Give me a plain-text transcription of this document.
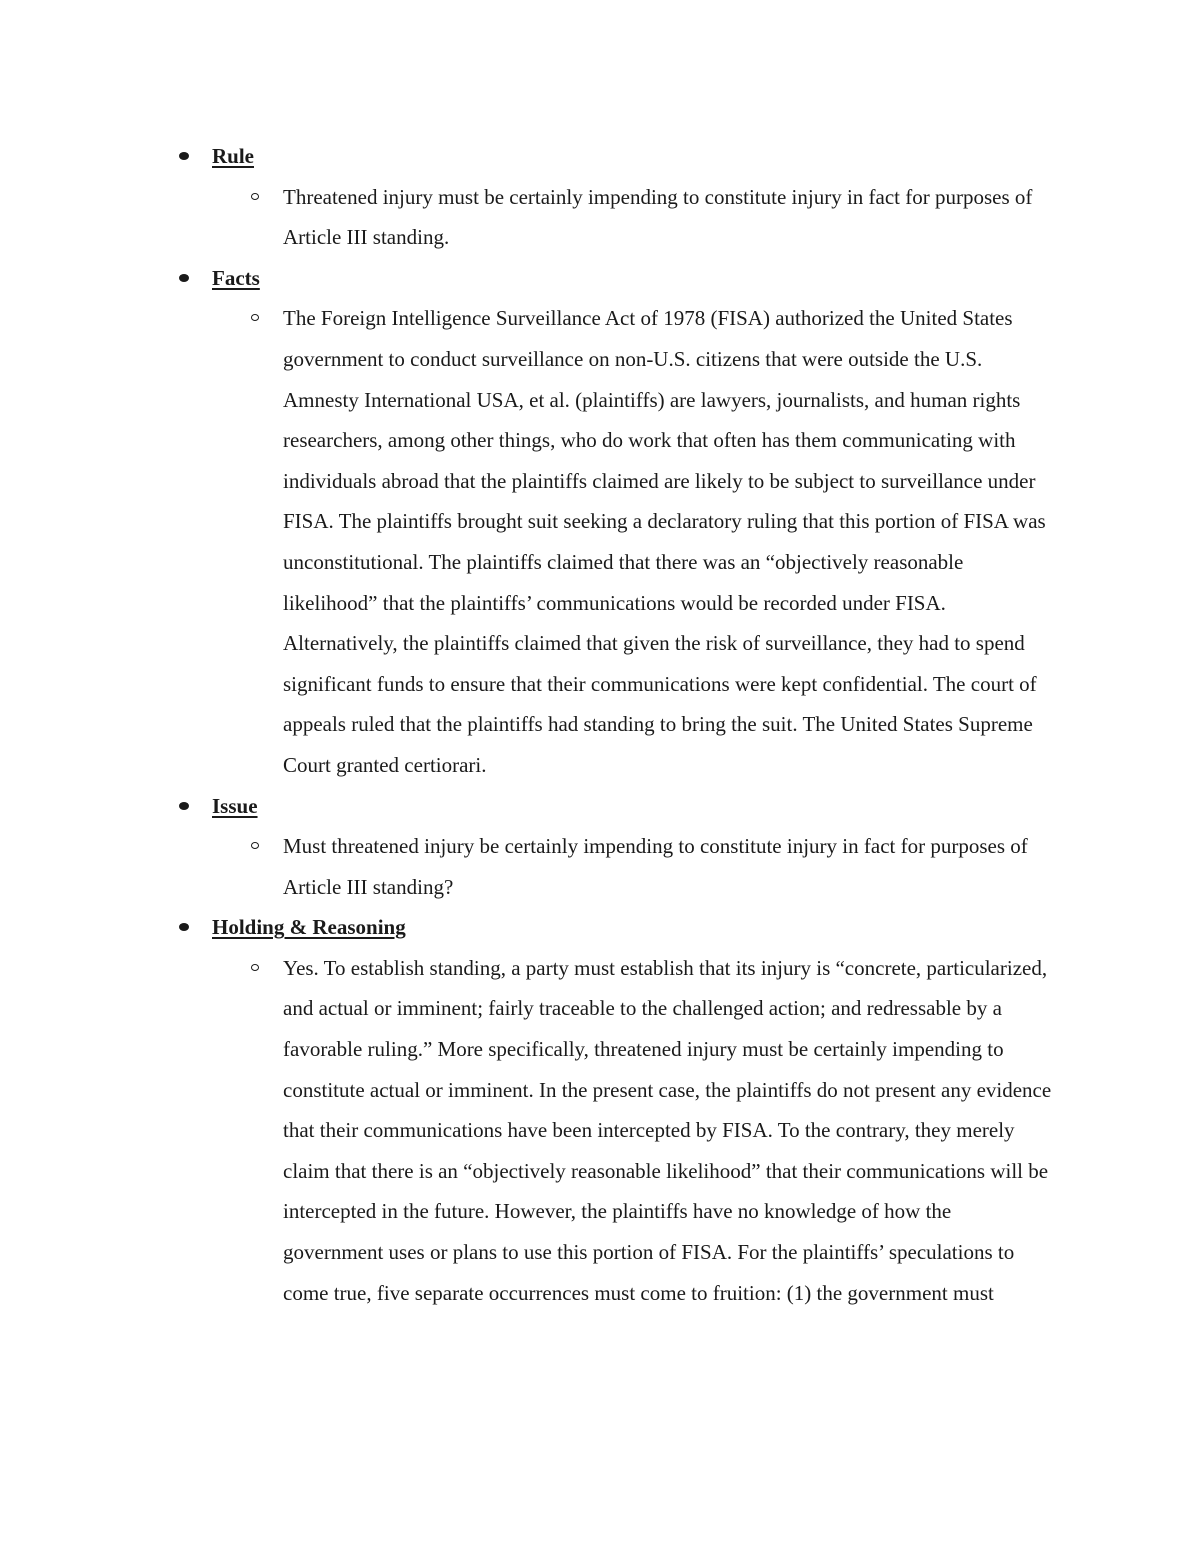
Rule
Threatened injury must be certainly impending to constitute injury in fact for purposes of Article III standing.
Facts
The Foreign Intelligence Surveillance Act of 1978 (FISA) authorized the United States government to conduct surveillance on non-U.S. citizens that were outside the U.S. Amnesty International USA, et al. (plaintiffs) are lawyers, journalists, and human rights researchers, among other things, who do work that often has them communicating with individuals abroad that the plaintiffs claimed are likely to be subject to surveillance under FISA. The plaintiffs brought suit seeking a declaratory ruling that this portion of FISA was unconstitutional. The plaintiffs claimed that there was an “objectively reasonable likelihood” that the plaintiffs’ communications would be recorded under FISA. Alternatively, the plaintiffs claimed that given the risk of surveillance, they had to spend significant funds to ensure that their communications were kept confidential. The court of appeals ruled that the plaintiffs had standing to bring the suit. The United States Supreme Court granted certiorari.
Issue
Must threatened injury be certainly impending to constitute injury in fact for purposes of Article III standing?
Holding & Reasoning
Yes. To establish standing, a party must establish that its injury is “concrete, particularized, and actual or imminent; fairly traceable to the challenged action; and redressable by a favorable ruling.” More specifically, threatened injury must be certainly impending to constitute actual or imminent. In the present case, the plaintiffs do not present any evidence that their communications have been intercepted by FISA. To the contrary, they merely claim that there is an “objectively reasonable likelihood” that their communications will be intercepted in the future. However, the plaintiffs have no knowledge of how the government uses or plans to use this portion of FISA. For the plaintiffs’ speculations to come true, five separate occurrences must come to fruition: (1) the government must
